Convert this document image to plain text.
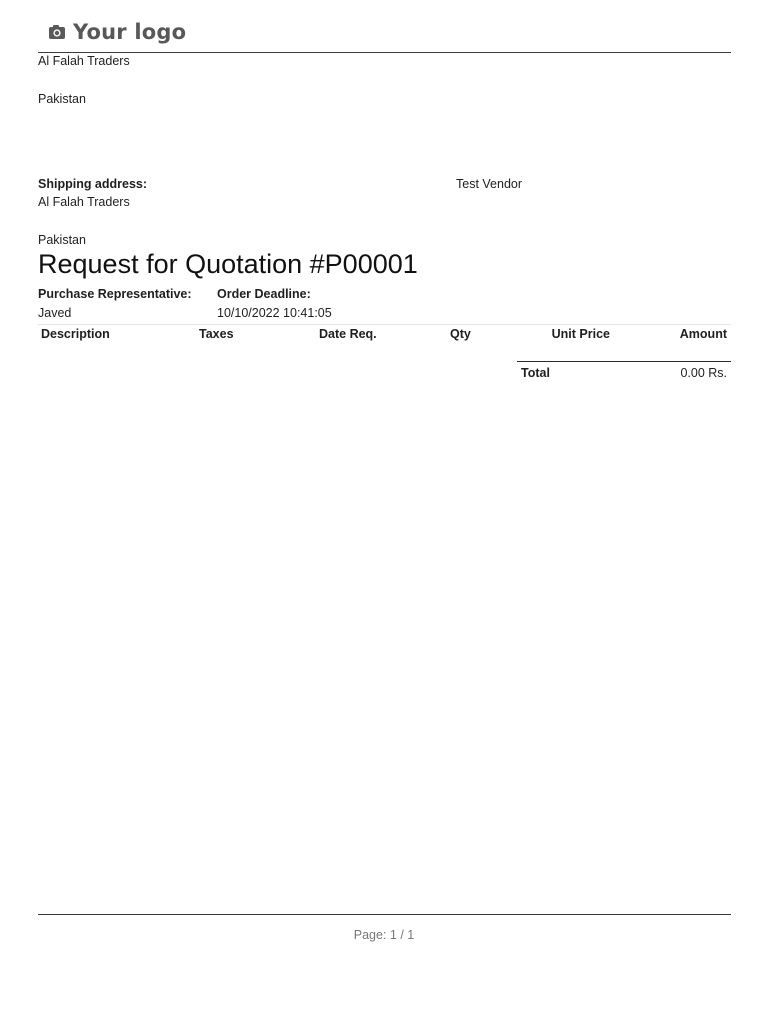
Your logo
Al Falah Traders
Pakistan
Shipping address:
Al Falah Traders
Pakistan
Test Vendor
Request for Quotation #P00001
Purchase Representative:
Javed
Order Deadline:
10/10/2022 10:41:05
Description	Taxes	Date Req.	Qty	Unit Price	Amount
Total	0.00 Rs.
Page: 1 / 1
